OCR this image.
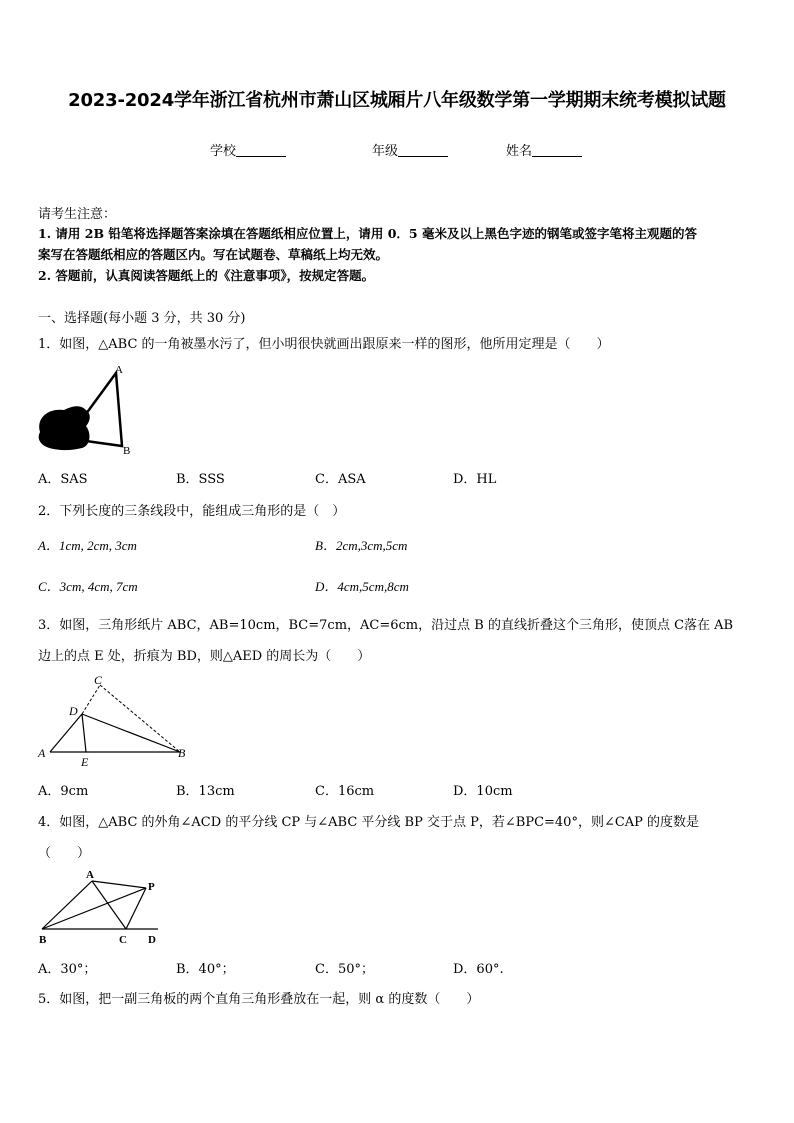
2023-2024学年浙江省杭州市萧山区城厢片八年级数学第一学期期末统考模拟试题
学校	年级	姓名
请考生注意：
1. 请用 2B 铅笔将选择题答案涂填在答题纸相应位置上，请用 0．5 毫米及以上黑色字迹的钢笔或签字笔将主观题的答
案写在答题纸相应的答题区内。写在试题卷、草稿纸上均无效。
2. 答题前，认真阅读答题纸上的《注意事项》，按规定答题。
一、选择题(每小题 3 分，共 30 分)
1．如图，△ABC 的一角被墨水污了，但小明很快就画出跟原来一样的图形，他所用定理是（　　）
A
B
A．SAS	B．SSS	C．ASA	D．HL
2．下列长度的三条线段中，能组成三角形的是（　）
A．1cm, 2cm, 3cm	B．2cm,3cm,5cm
C．3cm, 4cm, 7cm	D．4cm,5cm,8cm
3．如图，三角形纸片 ABC，AB=10cm，BC=7cm，AC=6cm，沿过点 B 的直线折叠这个三角形，使顶点 C落在 AB
边上的点 E 处，折痕为 BD，则△AED 的周长为（　　）
C
D
A
E
B
A．9cm	B．13cm	C．16cm	D．10cm
4．如图，△ABC 的外角∠ACD 的平分线 CP 与∠ABC 平分线 BP 交于点 P，若∠BPC=40°，则∠CAP 的度数是
（　　）
A
P
B	C D
A．30°；	B．40°；	C．50°；	D．60°.
5．如图，把一副三角板的两个直角三角形叠放在一起，则 α 的度数（　　）
